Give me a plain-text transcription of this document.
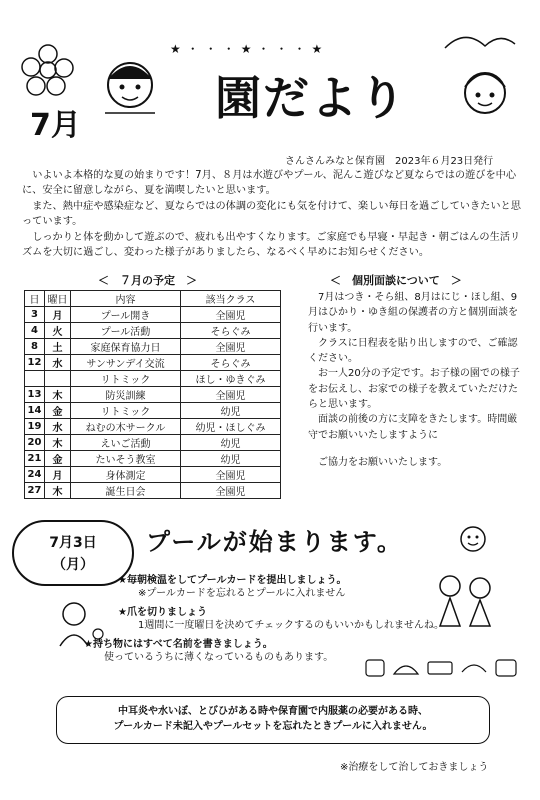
★・・・★・・・★
7月
園だより
さんさんみなと保育園　2023年６月23日発行

いよいよ本格的な夏の始まりです！7月、８月は水遊びやプール、泥んこ遊びなど夏ならではの遊びを中心に、安全に留意しながら、夏を満喫したいと思います。

また、熱中症や感染症など、夏ならではの体調の変化にも気を付けて、楽しい毎日を過ごしていきたいと思っています。

しっかりと体を動かして遊ぶので、疲れも出やすくなります。ご家庭でも早寝・早起き・朝ごはんの生活リズムを大切に過ごし、変わった様子がありましたら、なるべく早めにお知らせください。

＜　７月の予定　＞
日	曜日	内容	該当クラス
3	月	プール開き	全園児
4	火	プール活動	そらぐみ
8	土	家庭保育協力日	全園児
12	水	サンサンデイ交流	そらぐみ
		リトミック	ほし・ゆきぐみ
13	木	防災訓練	全園児
14	金	リトミック	幼児
19	水	ねむの木サークル	幼児・ほしぐみ
20	木	えいご活動	幼児
21	金	たいそう教室	幼児
24	月	身体測定	全園児
27	木	誕生日会	全園児
＜　個別面談について　＞

7月はつき・そら組、8月はにじ・ほし組、9月はひかり・ゆき組の保護者の方と個別面談を行います。

クラスに日程表を貼り出しますので、ご確認ください。

お一人20分の予定です。お子様の園での様子をお伝えし、お家での様子を教えていただけたらと思います。

面談の前後の方に支障をきたします。時間厳守でお願いいたしますように

ご協力をお願いいたします。

7月3日
（月）
プールが始まります。
★毎朝検温をしてプールカードを提出しましょう。
※プールカードを忘れるとプールに入れません
★爪を切りましょう
1週間に一度曜日を決めてチェックするのもいいかもしれませんね。
★持ち物にはすべて名前を書きましょう。
使っているうちに薄くなっているものもあります。
中耳炎や水いぼ、とびひがある時や保育園で内服薬の必要がある時、
プールカード未記入やプールセットを忘れたときプールに入れません。
※治療をして治しておきましょう
